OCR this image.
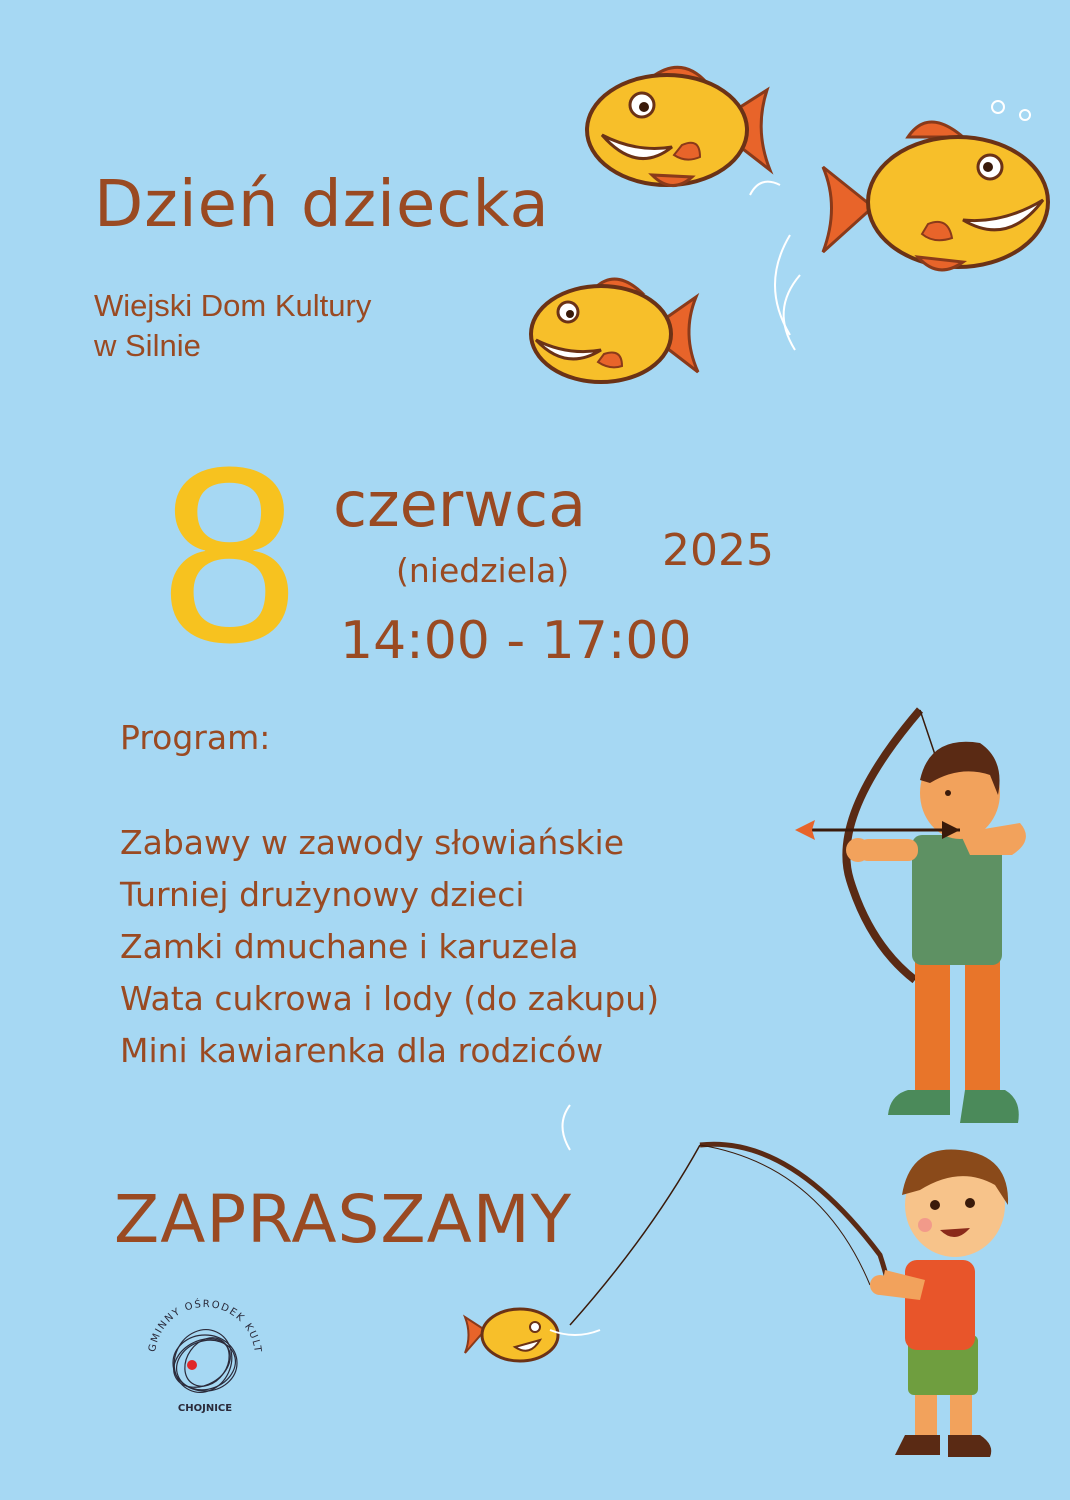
Dzień dziecka
Wiejski Dom Kultury
w Silnie
8 czerwca
(niedziela) 2025
14:00 - 17:00
Program:
Zabawy w zawody słowiańskie
Turniej drużynowy dzieci
Zamki dmuchane i karuzela
Wata cukrowa i lody (do zakupu)
Mini kawiarenka dla rodziców
ZAPRASZAMY
GMINNY OŚRODEK KULTURY
CHOJNICE
